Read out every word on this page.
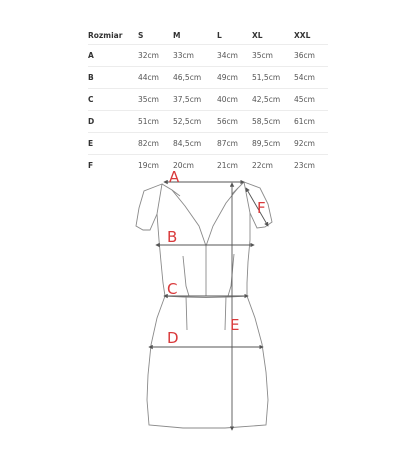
Rozmiar	S	M	L	XL	XXL
A	32cm	33cm	34cm	35cm	36cm
B	44cm	46,5cm	49cm	51,5cm	54cm
C	35cm	37,5cm	40cm	42,5cm	45cm
D	51cm	52,5cm	56cm	58,5cm	61cm
E	82cm	84,5cm	87cm	89,5cm	92cm
F	19cm	20cm	21cm	22cm	23cm
A
B
C
D
E
F
